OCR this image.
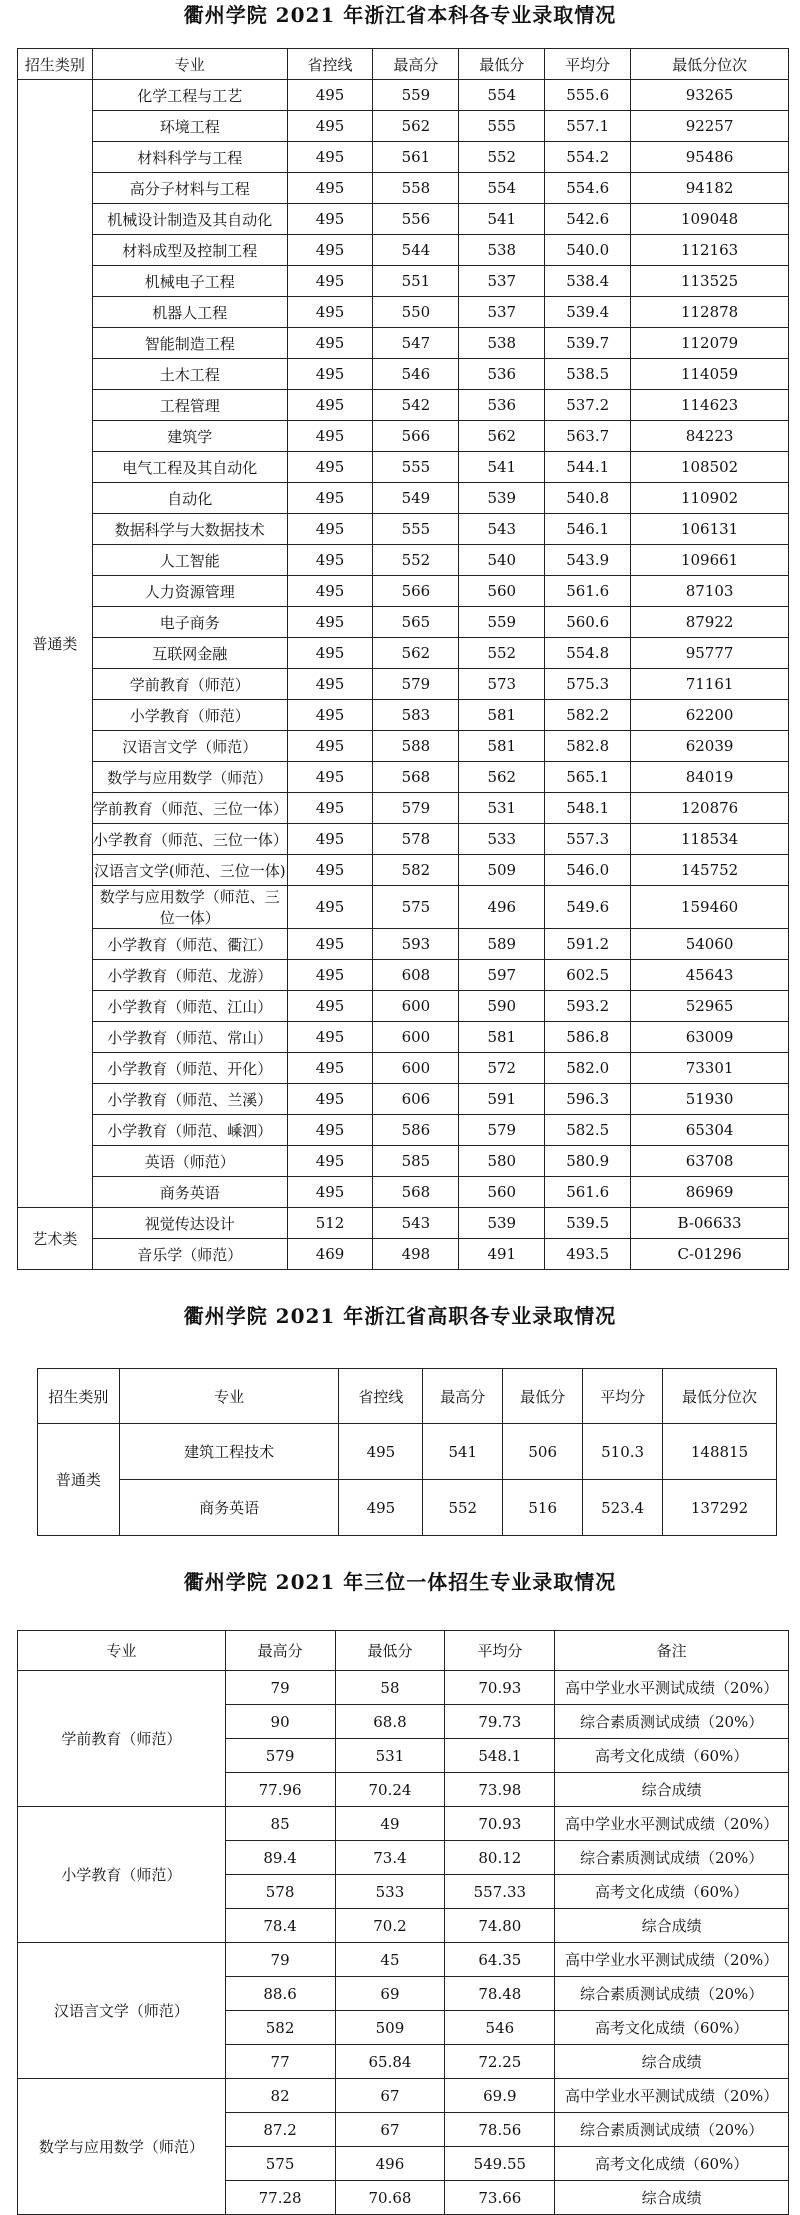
衢州学院 2021 年浙江省本科各专业录取情况
招生类别	专业	省控线	最高分	最低分	平均分	最低分位次
普通类	化学工程与工艺	495	559	554	555.6	93265
	环境工程	495	562	555	557.1	92257
	材料科学与工程	495	561	552	554.2	95486
	高分子材料与工程	495	558	554	554.6	94182
	机械设计制造及其自动化	495	556	541	542.6	109048
	材料成型及控制工程	495	544	538	540.0	112163
	机械电子工程	495	551	537	538.4	113525
	机器人工程	495	550	537	539.4	112878
	智能制造工程	495	547	538	539.7	112079
	土木工程	495	546	536	538.5	114059
	工程管理	495	542	536	537.2	114623
	建筑学	495	566	562	563.7	84223
	电气工程及其自动化	495	555	541	544.1	108502
	自动化	495	549	539	540.8	110902
	数据科学与大数据技术	495	555	543	546.1	106131
	人工智能	495	552	540	543.9	109661
	人力资源管理	495	566	560	561.6	87103
	电子商务	495	565	559	560.6	87922
	互联网金融	495	562	552	554.8	95777
	学前教育（师范）	495	579	573	575.3	71161
	小学教育（师范）	495	583	581	582.2	62200
	汉语言文学（师范）	495	588	581	582.8	62039
	数学与应用数学（师范）	495	568	562	565.1	84019
	学前教育（师范、三位一体）	495	579	531	548.1	120876
	小学教育（师范、三位一体）	495	578	533	557.3	118534
	汉语言文学(师范、三位一体)	495	582	509	546.0	145752
	数学与应用数学（师范、三位一体）	495	575	496	549.6	159460
	小学教育（师范、衢江）	495	593	589	591.2	54060
	小学教育（师范、龙游）	495	608	597	602.5	45643
	小学教育（师范、江山）	495	600	590	593.2	52965
	小学教育（师范、常山）	495	600	581	586.8	63009
	小学教育（师范、开化）	495	600	572	582.0	73301
	小学教育（师范、兰溪）	495	606	591	596.3	51930
	小学教育（师范、嵊泗）	495	586	579	582.5	65304
	英语（师范）	495	585	580	580.9	63708
	商务英语	495	568	560	561.6	86969
艺术类	视觉传达设计	512	543	539	539.5	B-06633
	音乐学（师范）	469	498	491	493.5	C-01296
衢州学院 2021 年浙江省高职各专业录取情况
招生类别	专业	省控线	最高分	最低分	平均分	最低分位次
普通类	建筑工程技术	495	541	506	510.3	148815
	商务英语	495	552	516	523.4	137292
衢州学院 2021 年三位一体招生专业录取情况
专业	最高分	最低分	平均分	备注
学前教育（师范）	79	58	70.93	高中学业水平测试成绩（20%）
	90	68.8	79.73	综合素质测试成绩（20%）
	579	531	548.1	高考文化成绩（60%）
	77.96	70.24	73.98	综合成绩
小学教育（师范）	85	49	70.93	高中学业水平测试成绩（20%）
	89.4	73.4	80.12	综合素质测试成绩（20%）
	578	533	557.33	高考文化成绩（60%）
	78.4	70.2	74.80	综合成绩
汉语言文学（师范）	79	45	64.35	高中学业水平测试成绩（20%）
	88.6	69	78.48	综合素质测试成绩（20%）
	582	509	546	高考文化成绩（60%）
	77	65.84	72.25	综合成绩
数学与应用数学（师范）	82	67	69.9	高中学业水平测试成绩（20%）
	87.2	67	78.56	综合素质测试成绩（20%）
	575	496	549.55	高考文化成绩（60%）
	77.28	70.68	73.66	综合成绩
